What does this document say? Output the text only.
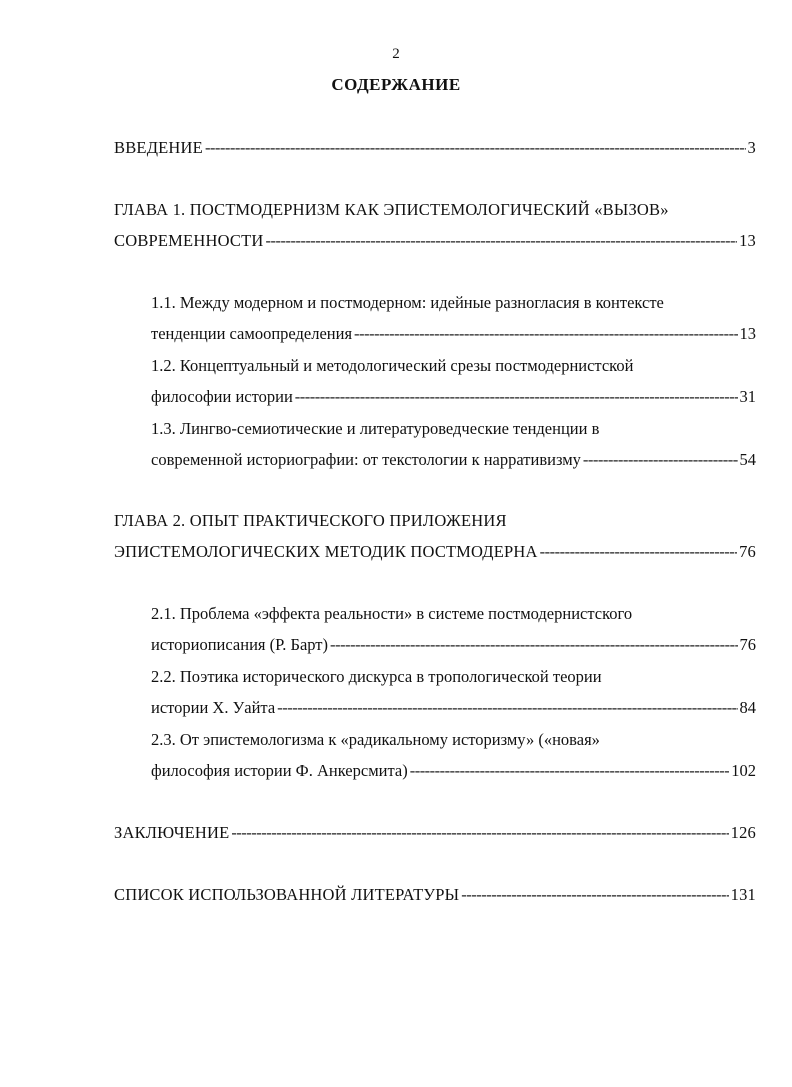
2
СОДЕРЖАНИЕ
ВВЕДЕНИЕ -----	3
ГЛАВА 1. ПОСТМОДЕРНИЗМ КАК ЭПИСТЕМОЛОГИЧЕСКИЙ «ВЫЗОВ»
СОВРЕМЕННОСТИ -----	13
1.1. Между модерном и постмодерном: идейные разногласия в контексте
тенденции самоопределения -----	13
1.2. Концептуальный и методологический срезы постмодернистской
философии истории -----	31
1.3. Лингво-семиотические и литературоведческие тенденции в
современной историографии: от текстологии к нарративизму -----	54
ГЛАВА 2. ОПЫТ ПРАКТИЧЕСКОГО ПРИЛОЖЕНИЯ
ЭПИСТЕМОЛОГИЧЕСКИХ МЕТОДИК ПОСТМОДЕРНА -----	76
2.1. Проблема «эффекта реальности» в системе постмодернистского
историописания (Р. Барт) -----	76
2.2. Поэтика исторического дискурса в тропологической теории
истории Х. Уайта -----	84
2.3. От эпистемологизма к «радикальному историзму» («новая»
философия истории Ф. Анкерсмита) -----	102
ЗАКЛЮЧЕНИЕ -----	126
СПИСОК ИСПОЛЬЗОВАННОЙ ЛИТЕРАТУРЫ -----	131
